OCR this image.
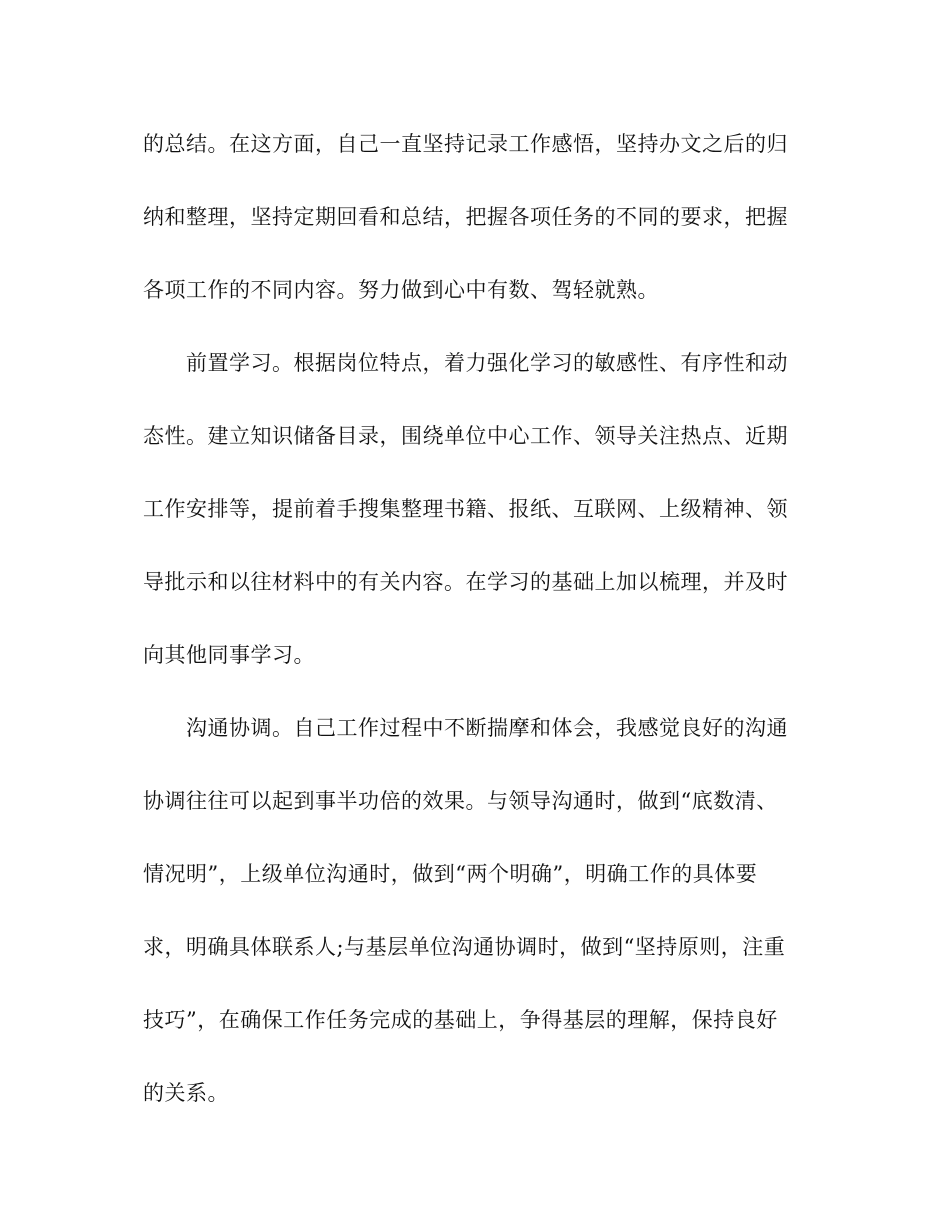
的总结。在这方面，自己一直坚持记录工作感悟，坚持办文之后的归
纳和整理，坚持定期回看和总结，把握各项任务的不同的要求，把握
各项工作的不同内容。努力做到心中有数、驾轻就熟。
前置学习。根据岗位特点，着力强化学习的敏感性、有序性和动
态性。建立知识储备目录，围绕单位中心工作、领导关注热点、近期
工作安排等，提前着手搜集整理书籍、报纸、互联网、上级精神、领
导批示和以往材料中的有关内容。在学习的基础上加以梳理，并及时
向其他同事学习。
沟通协调。自己工作过程中不断揣摩和体会，我感觉良好的沟通
协调往往可以起到事半功倍的效果。与领导沟通时，做到“底数清、
情况明”，上级单位沟通时，做到“两个明确”，明确工作的具体要
求，明确具体联系人;与基层单位沟通协调时，做到“坚持原则，注重
技巧”，在确保工作任务完成的基础上，争得基层的理解，保持良好
的关系。
